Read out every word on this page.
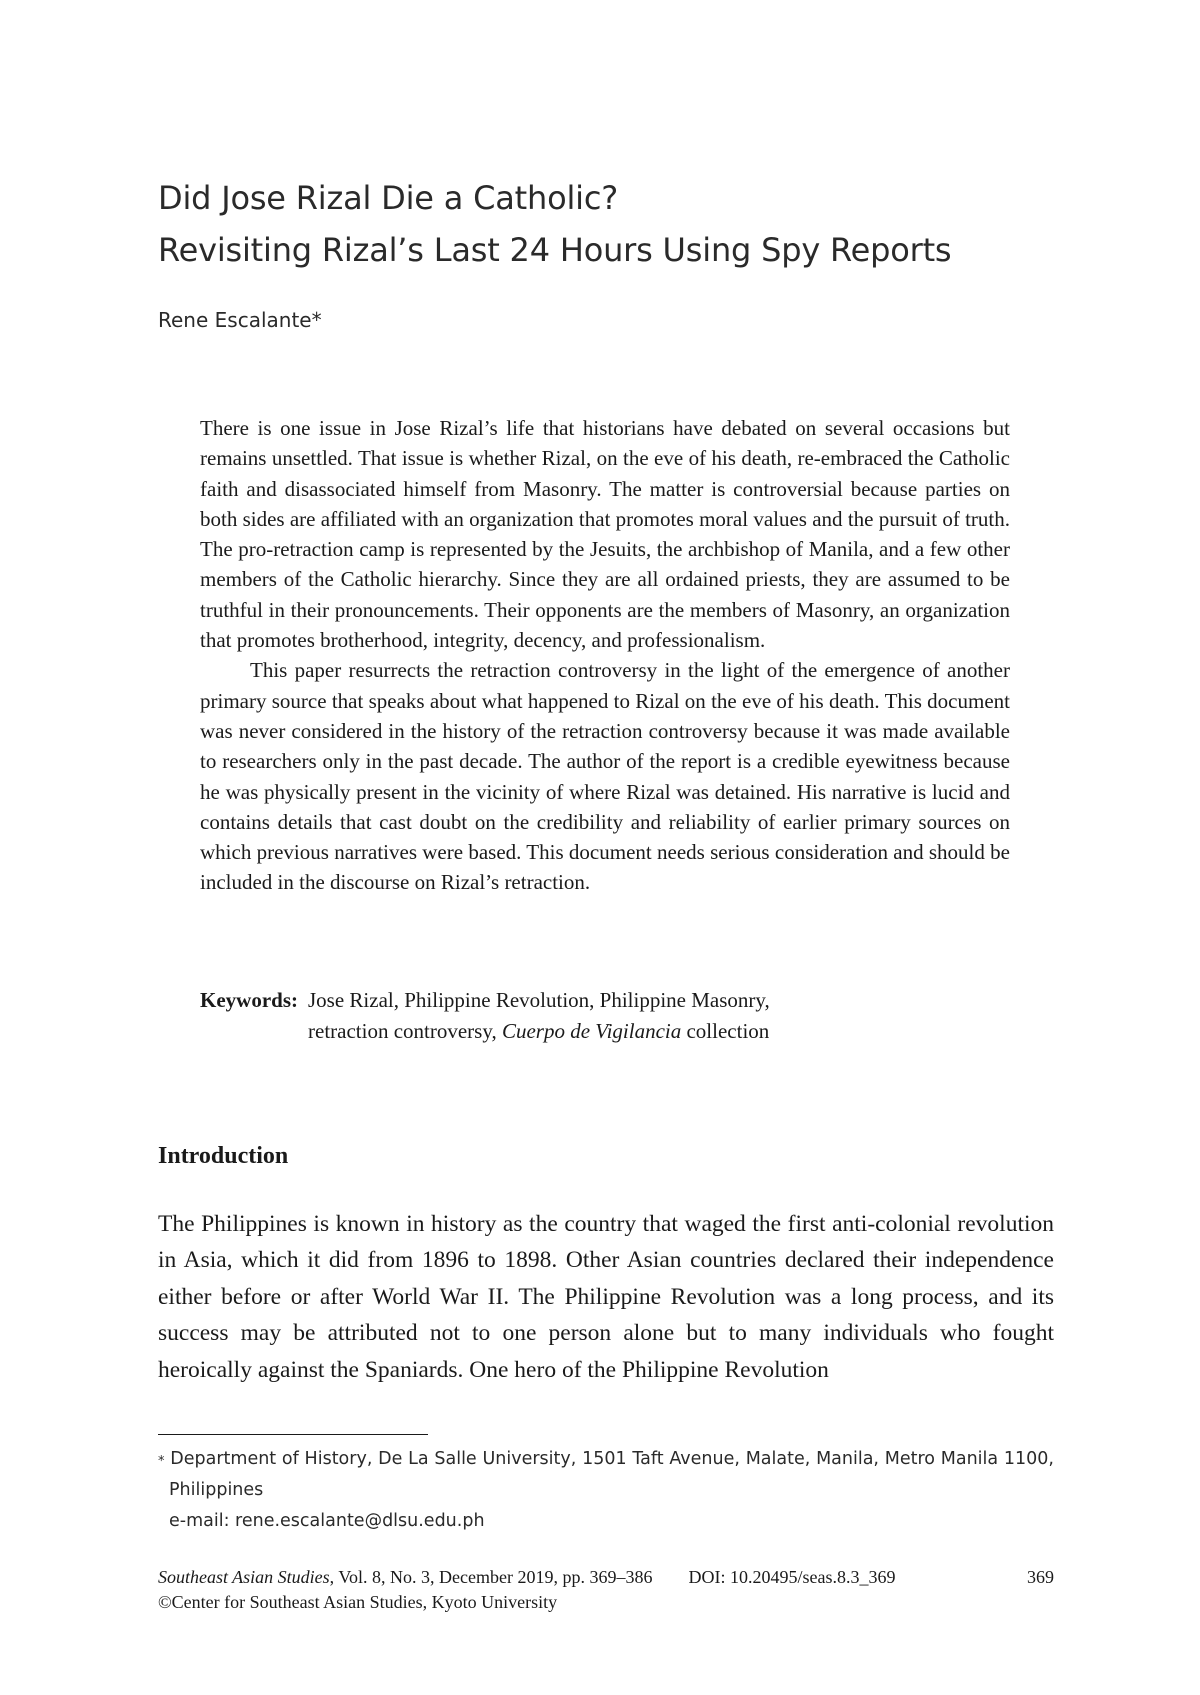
Did Jose Rizal Die a Catholic?
Revisiting Rizal’s Last 24 Hours Using Spy Reports
Rene Escalante*

There is one issue in Jose Rizal’s life that historians have debated on several occasions but remains unsettled. That issue is whether Rizal, on the eve of his death, re-embraced the Catholic faith and disassociated himself from Masonry. The matter is controversial because parties on both sides are affiliated with an organization that promotes moral values and the pursuit of truth. The pro-retraction camp is represented by the Jesuits, the archbishop of Manila, and a few other members of the Catholic hierarchy. Since they are all ordained priests, they are assumed to be truthful in their pronouncements. Their opponents are the members of Masonry, an organization that promotes brotherhood, integrity, decency, and professionalism.

This paper resurrects the retraction controversy in the light of the emergence of another primary source that speaks about what happened to Rizal on the eve of his death. This document was never considered in the history of the retraction controversy because it was made available to researchers only in the past decade. The author of the report is a credible eyewitness because he was physically present in the vicinity of where Rizal was detained. His narrative is lucid and contains details that cast doubt on the credibility and reliability of earlier primary sources on which previous narratives were based. This document needs serious consideration and should be included in the discourse on Rizal’s retraction.

Keywords: Jose Rizal, Philippine Revolution, Philippine Masonry,
retraction controversy, Cuerpo de Vigilancia collection
Introduction

The Philippines is known in history as the country that waged the first anti-colonial revolution in Asia, which it did from 1896 to 1898. Other Asian countries declared their independence either before or after World War II. The Philippine Revolution was a long process, and its success may be attributed not to one person alone but to many individuals who fought heroically against the Spaniards. One hero of the Philippine Revolution

* Department of History, De La Salle University, 1501 Taft Avenue, Malate, Manila, Metro Manila 1100, Philippines
e-mail: rene.escalante@dlsu.edu.ph
Southeast Asian Studies, Vol. 8, No. 3, December 2019, pp. 369–386 DOI: 10.20495/seas.8.3_369	369
©Center for Southeast Asian Studies, Kyoto University
